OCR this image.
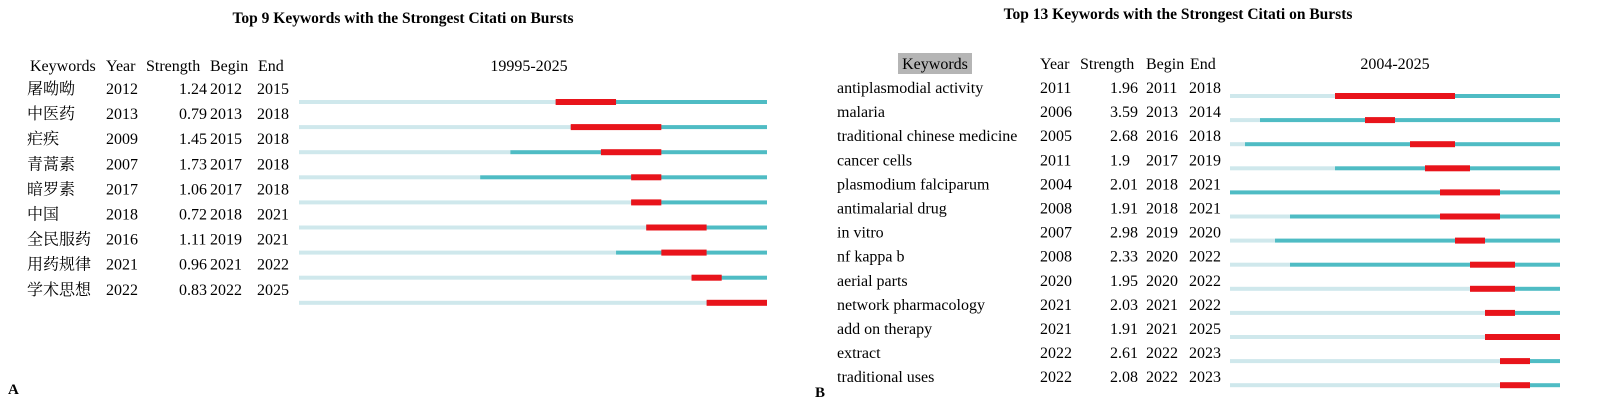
Top 9 Keywords with the Strongest Citati on Bursts
Keywords Year Strength Begin End	19995-2025
屠呦呦 2012	1.24 2012 2015
中医药 2013	0.79 2013 2018
疟疾	2009	1.45 2015 2018
青蒿素 2007	1.73 2017 2018
暗罗素 2017	1.06 2017 2018
中国	2018	0.72 2018 2021
全民服药 2016	1.11 2019 2021
用药规律 2021	0.96 2021 2022
学术思想 2022	0.83 2022 2025
A
Top 13 Keywords with the Strongest Citati on Bursts
Keywords	Year Strength Begin End	2004-2025
antiplasmodial activity	2011 1.96 2011 2018
malaria	2006 3.59 2013 2014
traditional chinese medicine 2005 2.68 2016 2018
cancer cells	2011 1.9 2017 2019
plasmodium falciparum	2004 2.01 2018 2021
antimalarial drug	2008 1.91 2018 2021
in vitro	2007 2.98 2019 2020
nf kappa b	2008 2.33 2020 2022
aerial parts	2020 1.95 2020 2022
network pharmacology	2021 2.03 2021 2022
add on therapy	2021 1.91 2021 2025
extract	2022 2.61 2022 2023
traditional uses	2022 2.08 2022 2023
B
